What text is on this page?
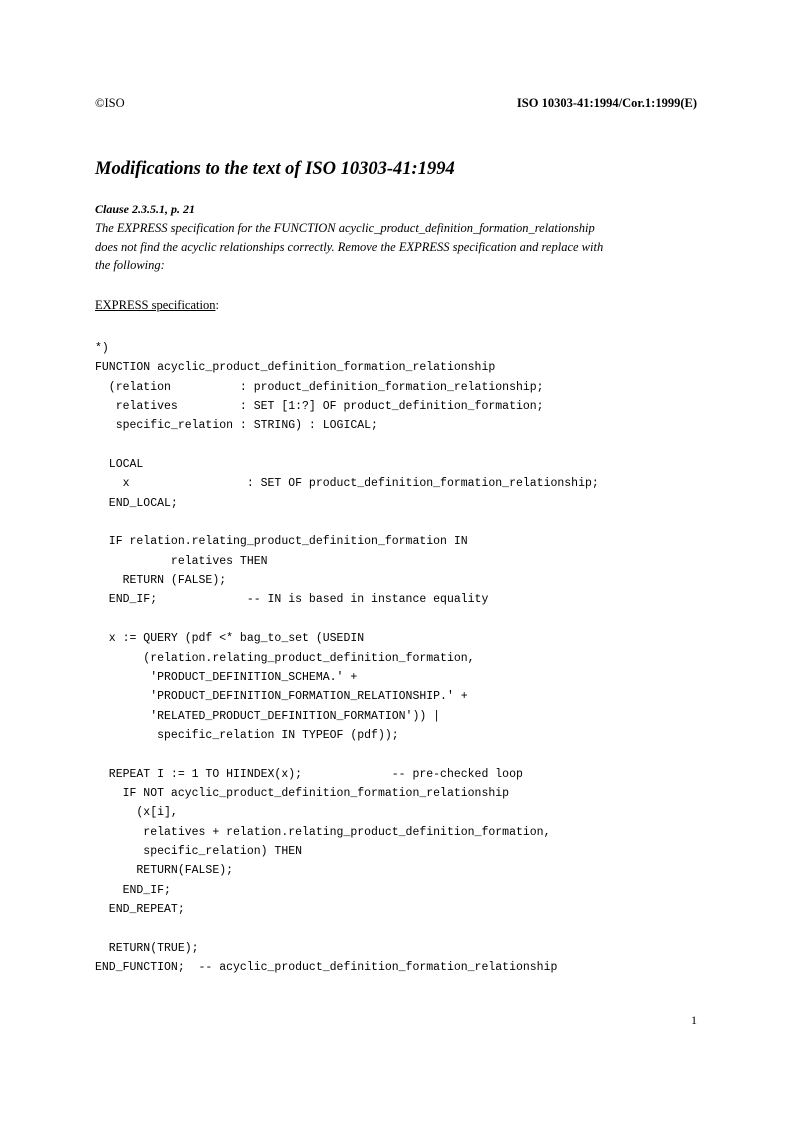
©ISO	ISO 10303-41:1994/Cor.1:1999(E)
Modifications to the text of ISO 10303-41:1994
Clause 2.3.5.1, p. 21
The EXPRESS specification for the FUNCTION acyclic_product_definition_formation_relationship
does not find the acyclic relationships correctly. Remove the EXPRESS specification and replace with
the following:
EXPRESS specification:
*)
FUNCTION acyclic_product_definition_formation_relationship
(relation          : product_definition_formation_relationship;
relatives         : SET [1:?] OF product_definition_formation;
specific_relation : STRING) : LOGICAL;
LOCAL
x                 : SET OF product_definition_formation_relationship;
END_LOCAL;
IF relation.relating_product_definition_formation IN
relatives THEN
RETURN (FALSE);
END_IF;             -- IN is based in instance equality
x := QUERY (pdf <* bag_to_set (USEDIN
(relation.relating_product_definition_formation,
'PRODUCT_DEFINITION_SCHEMA.' +
'PRODUCT_DEFINITION_FORMATION_RELATIONSHIP.' +
'RELATED_PRODUCT_DEFINITION_FORMATION')) |
specific_relation IN TYPEOF (pdf));
REPEAT I := 1 TO HIINDEX(x);             -- pre-checked loop
IF NOT acyclic_product_definition_formation_relationship
(x[i],
relatives + relation.relating_product_definition_formation,
specific_relation) THEN
RETURN(FALSE);
END_IF;
END_REPEAT;
RETURN(TRUE);
END_FUNCTION;  -- acyclic_product_definition_formation_relationship
1
